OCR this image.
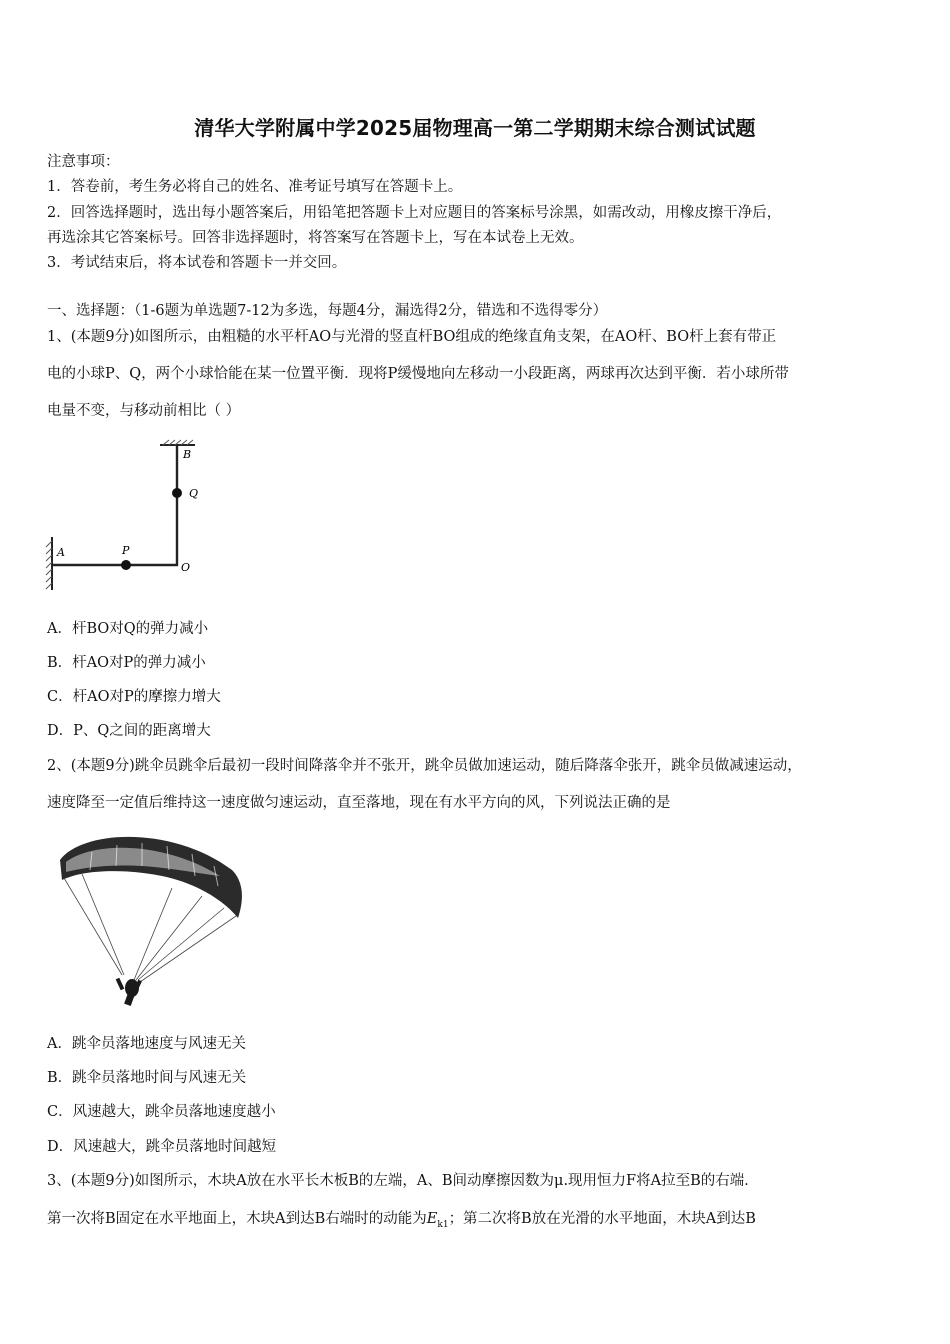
清华大学附属中学2025届物理高一第二学期期末综合测试试题
注意事项：
1．答卷前，考生务必将自己的姓名、准考证号填写在答题卡上。
2．回答选择题时，选出每小题答案后，用铅笔把答题卡上对应题目的答案标号涂黑，如需改动，用橡皮擦干净后，
再选涂其它答案标号。回答非选择题时，将答案写在答题卡上，写在本试卷上无效。
3．考试结束后，将本试卷和答题卡一并交回。
一、选择题：（1-6题为单选题7-12为多选，每题4分，漏选得2分，错选和不选得零分）
1、(本题9分)如图所示，由粗糙的水平杆AO与光滑的竖直杆BO组成的绝缘直角支架，在AO杆、BO杆上套有带正
电的小球P、Q，两个小球恰能在某一位置平衡．现将P缓慢地向左移动一小段距离，两球再次达到平衡．若小球所带
电量不变，与移动前相比（ ）
A	P
O
B
Q
A．杆BO对Q的弹力减小
B．杆AO对P的弹力减小
C．杆AO对P的摩擦力增大
D．P、Q之间的距离增大
2、(本题9分)跳伞员跳伞后最初一段时间降落伞并不张开，跳伞员做加速运动，随后降落伞张开，跳伞员做减速运动，
速度降至一定值后维持这一速度做匀速运动，直至落地，现在有水平方向的风，下列说法正确的是
A．跳伞员落地速度与风速无关
B．跳伞员落地时间与风速无关
C．风速越大，跳伞员落地速度越小
D．风速越大，跳伞员落地时间越短
3、(本题9分)如图所示，木块A放在水平长木板B的左端，A、B间动摩擦因数为μ.现用恒力F将A拉至B的右端．
第一次将B固定在水平地面上，木块A到达B右端时的动能为$E_{k1}$；第二次将B放在光滑的水平地面，木块A到达B
